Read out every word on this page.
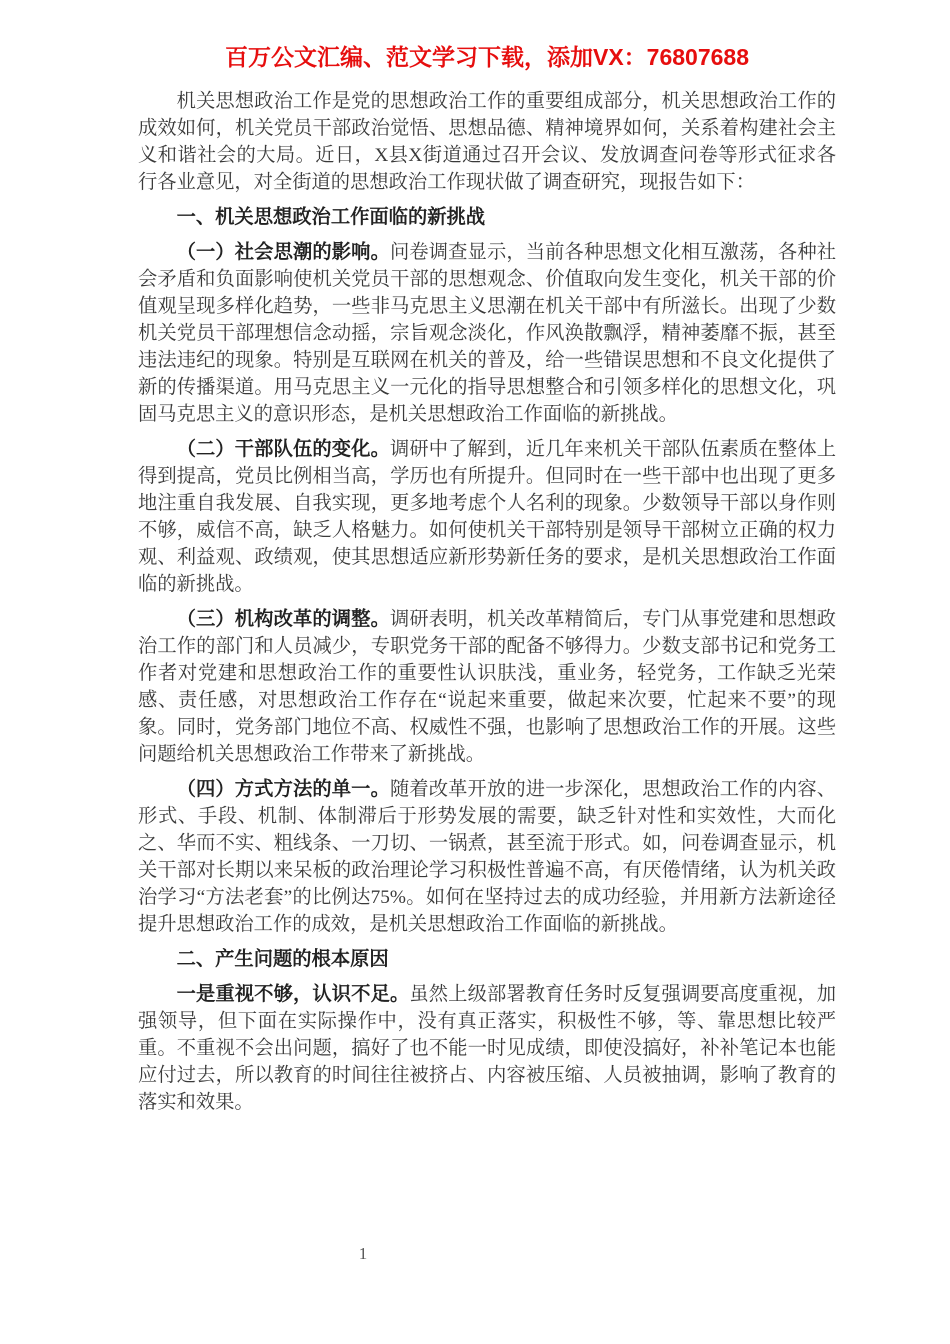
百万公文汇编、范文学习下载，添加VX：76807688

机关思想政治工作是党的思想政治工作的重要组成部分，机关思想政治工作的成效如何，机关党员干部政治觉悟、思想品德、精神境界如何，关系着构建社会主义和谐社会的大局。近日，X县X街道通过召开会议、发放调查问卷等形式征求各行各业意见，对全街道的思想政治工作现状做了调查研究，现报告如下：

一、机关思想政治工作面临的新挑战

（一）社会思潮的影响。问卷调查显示，当前各种思想文化相互激荡，各种社会矛盾和负面影响使机关党员干部的思想观念、价值取向发生变化，机关干部的价值观呈现多样化趋势，一些非马克思主义思潮在机关干部中有所滋长。出现了少数机关党员干部理想信念动摇，宗旨观念淡化，作风涣散飘浮，精神萎靡不振，甚至违法违纪的现象。特别是互联网在机关的普及，给一些错误思想和不良文化提供了新的传播渠道。用马克思主义一元化的指导思想整合和引领多样化的思想文化，巩固马克思主义的意识形态，是机关思想政治工作面临的新挑战。

（二）干部队伍的变化。调研中了解到，近几年来机关干部队伍素质在整体上得到提高，党员比例相当高，学历也有所提升。但同时在一些干部中也出现了更多地注重自我发展、自我实现，更多地考虑个人名利的现象。少数领导干部以身作则不够，威信不高，缺乏人格魅力。如何使机关干部特别是领导干部树立正确的权力观、利益观、政绩观，使其思想适应新形势新任务的要求，是机关思想政治工作面临的新挑战。

（三）机构改革的调整。调研表明，机关改革精简后，专门从事党建和思想政治工作的部门和人员减少，专职党务干部的配备不够得力。少数支部书记和党务工作者对党建和思想政治工作的重要性认识肤浅，重业务，轻党务，工作缺乏光荣感、责任感，对思想政治工作存在“说起来重要，做起来次要，忙起来不要”的现象。同时，党务部门地位不高、权威性不强，也影响了思想政治工作的开展。这些问题给机关思想政治工作带来了新挑战。

（四）方式方法的单一。随着改革开放的进一步深化，思想政治工作的内容、形式、手段、机制、体制滞后于形势发展的需要，缺乏针对性和实效性，大而化之、华而不实、粗线条、一刀切、一锅煮，甚至流于形式。如，问卷调查显示，机关干部对长期以来呆板的政治理论学习积极性普遍不高，有厌倦情绪，认为机关政治学习“方法老套”的比例达75%。如何在坚持过去的成功经验，并用新方法新途径提升思想政治工作的成效，是机关思想政治工作面临的新挑战。

二、产生问题的根本原因

一是重视不够，认识不足。虽然上级部署教育任务时反复强调要高度重视，加强领导，但下面在实际操作中，没有真正落实，积极性不够，等、靠思想比较严重。不重视不会出问题，搞好了也不能一时见成绩，即使没搞好，补补笔记本也能应付过去，所以教育的时间往往被挤占、内容被压缩、人员被抽调，影响了教育的落实和效果。

1
